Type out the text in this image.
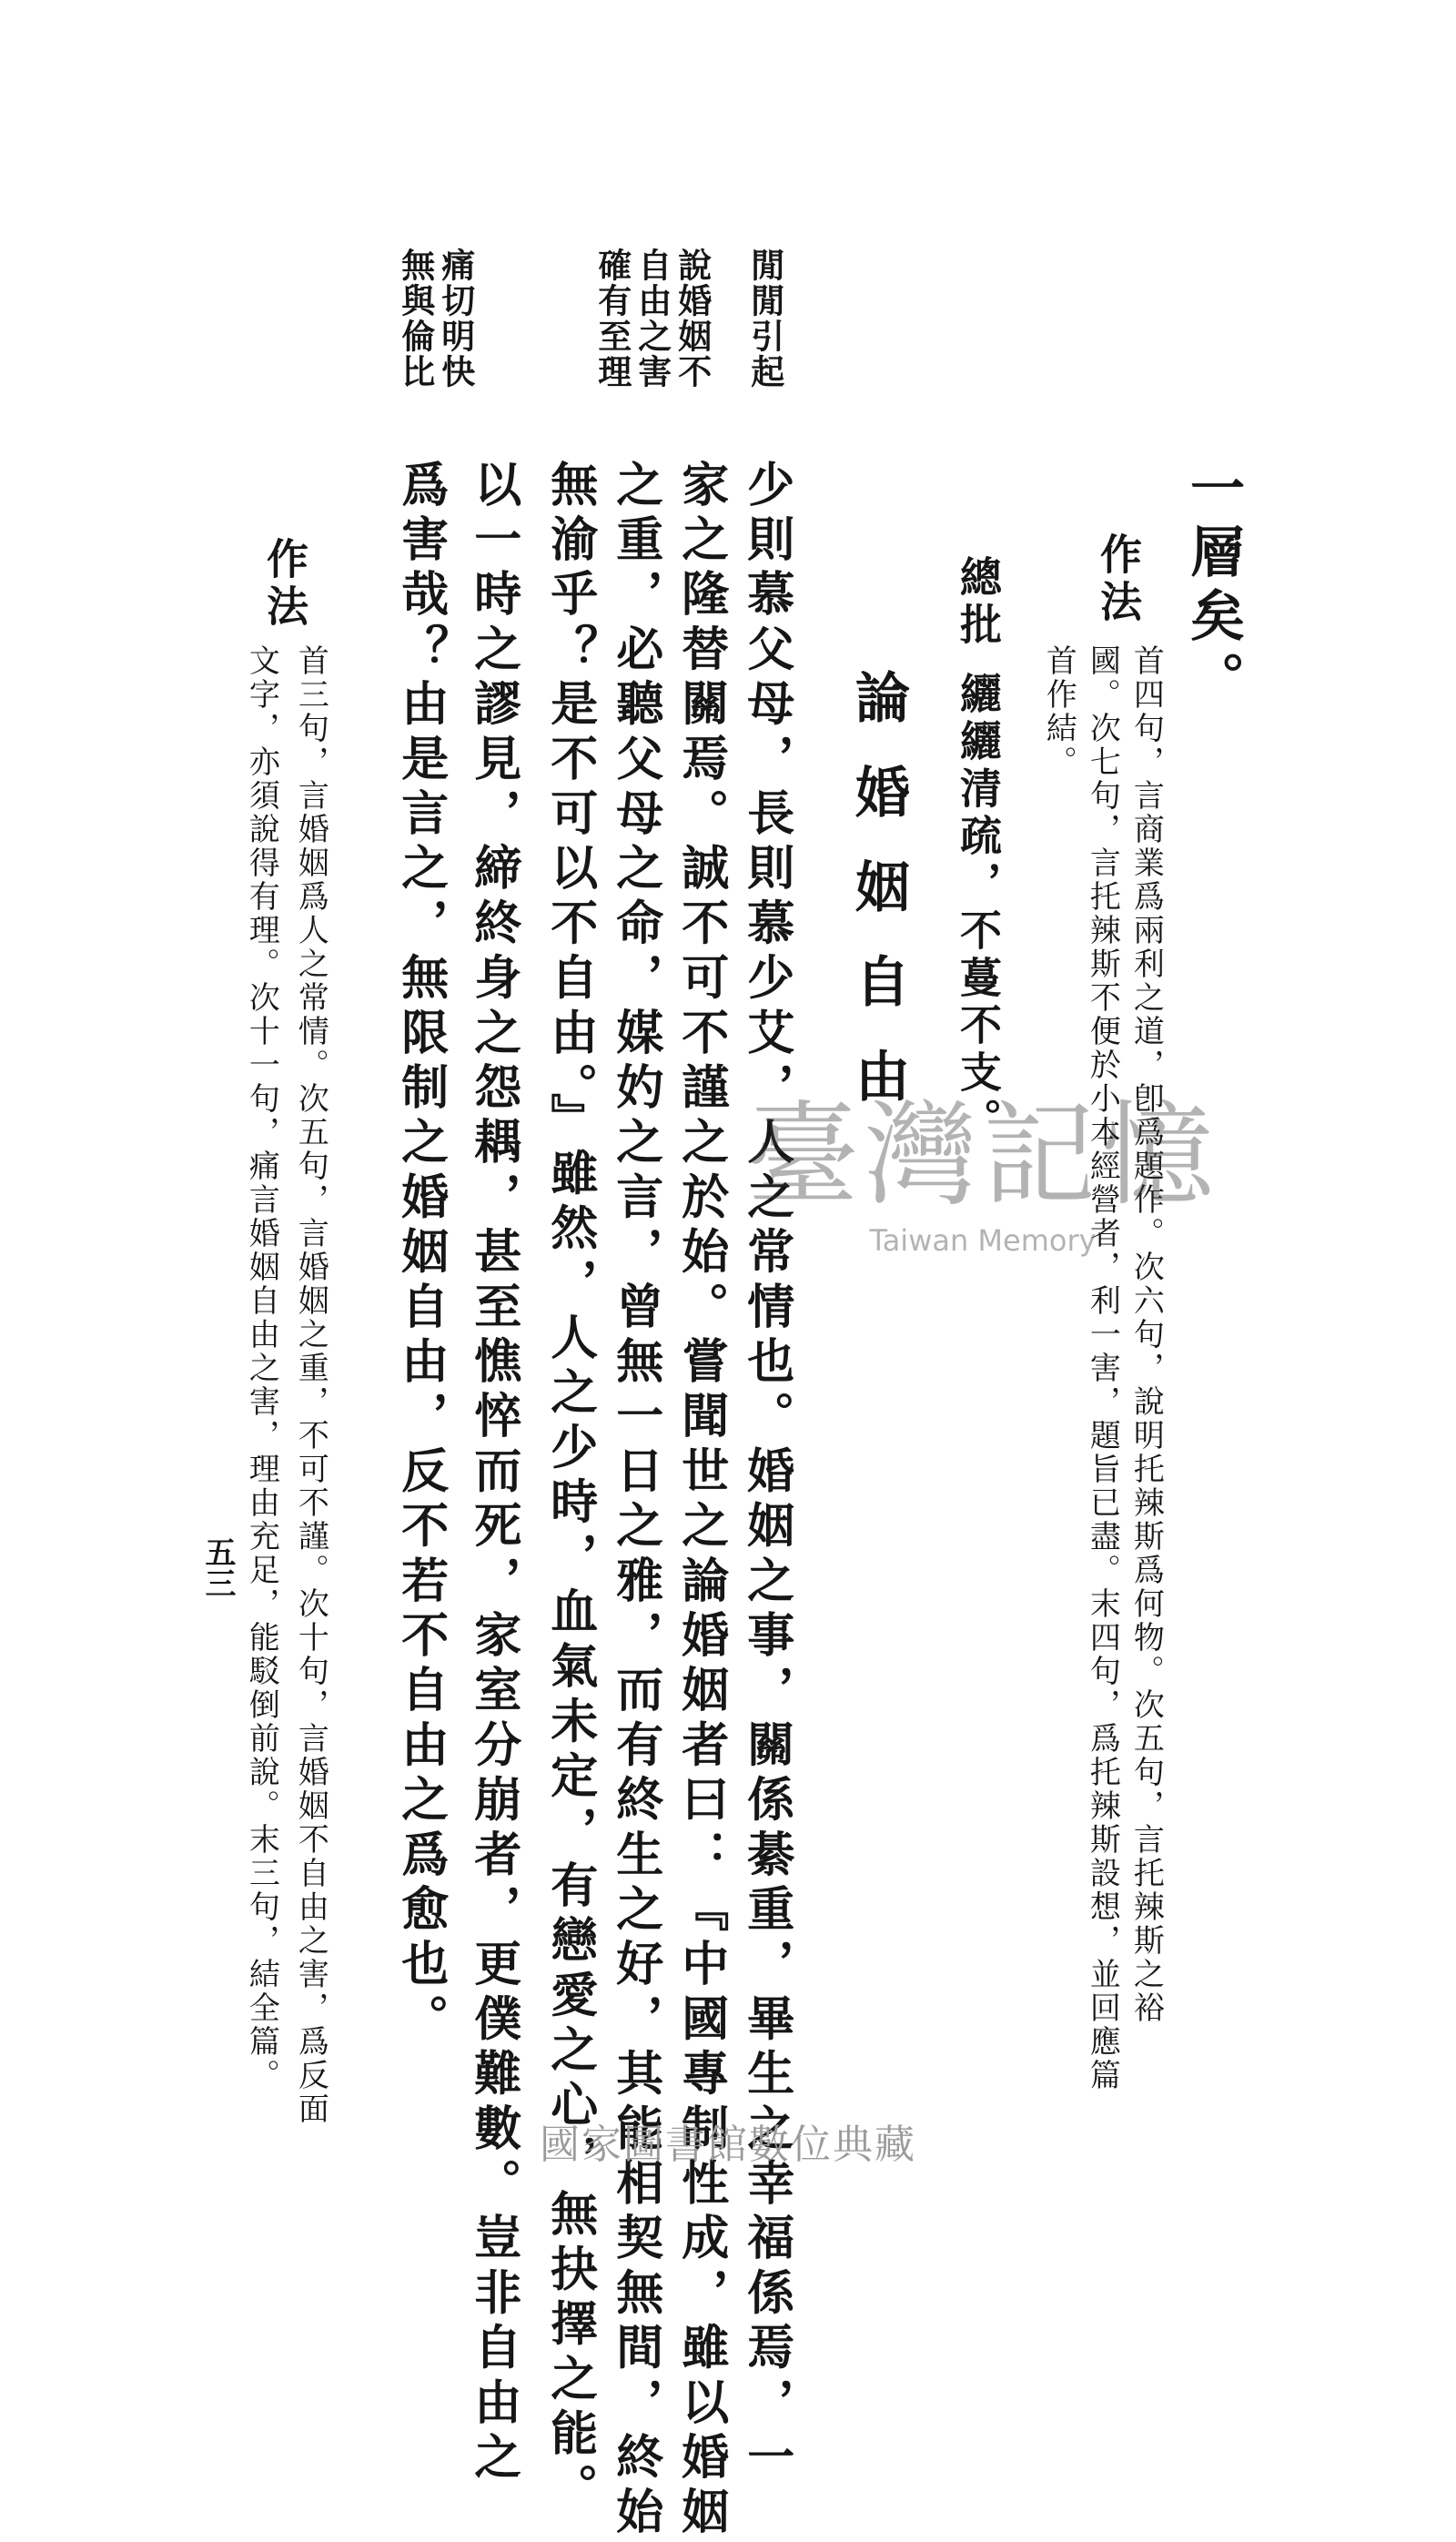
一層矣。
作法
首四句，言商業爲兩利之道，卽爲題作。次六句，說明托辣斯爲何物。次五句，言托辣斯之裕
國。次七句，言托辣斯不便於小本經營者，利一害，題旨已盡。末四句，爲托辣斯設想，並回應篇
首作結。
總批
纚纚清疏，不蔓不支。
論婚姻自由
少則慕父母，長則慕少艾，人之常情也。婚姻之事，關係綦重，畢生之幸福係焉，一
家之隆替關焉。誠不可不謹之於始。嘗聞世之論婚姻者曰：『中國專制性成，雖以婚姻
之重，必聽父母之命，媒妁之言，曾無一日之雅，而有終生之好，其能相契無間，終始
無渝乎？是不可以不自由。』雖然，人之少時，血氣未定，有戀愛之心，無抉擇之能。
以一時之謬見，締終身之怨耦，甚至憔悴而死，家室分崩者，更僕難數。豈非自由之
爲害哉？由是言之，無限制之婚姻自由，反不若不自由之爲愈也。
作法
首三句，言婚姻爲人之常情。次五句，言婚姻之重，不可不謹。次十句，言婚姻不自由之害，爲反面
文字，亦須說得有理。次十一句，痛言婚姻自由之害，理由充足，能駁倒前說。末三句，結全篇。
閒閒引起
說婚姻不
自由之害
確有至理
痛切明快
無與倫比
五三
臺灣記憶
Taiwan Memory
國家圖書館數位典藏
